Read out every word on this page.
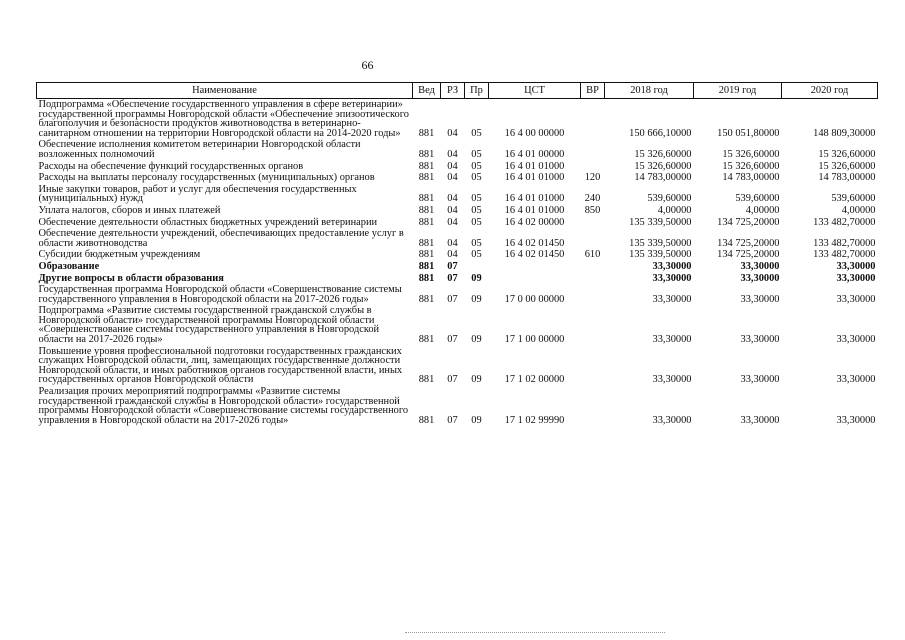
66
Наименование	Вед	РЗ	Пр	ЦСТ	ВР	2018 год	2019 год	2020 год
Подпрограмма «Обеспечение государственного управления в сфере ветеринарии» государственной программы Новгородской области «Обеспечение эпизоотического благополучия и безопасности продуктов животноводства в ветеринарно-санитарном отношении на территории Новгородской области на 2014-2020 годы»	881	04	05	16 4 00 00000		150 666,10000	150 051,80000	148 809,30000
Обеспечение исполнения комитетом ветеринарии Новгородской области возложенных полномочий	881	04	05	16 4 01 00000		15 326,60000	15 326,60000	15 326,60000
Расходы на обеспечение функций государственных органов	881	04	05	16 4 01 01000		15 326,60000	15 326,60000	15 326,60000
Расходы на выплаты персоналу государственных (муниципальных) органов	881	04	05	16 4 01 01000	120	14 783,00000	14 783,00000	14 783,00000
Иные закупки товаров, работ и услуг для обеспечения государственных (муниципальных) нужд	881	04	05	16 4 01 01000	240	539,60000	539,60000	539,60000
Уплата налогов, сборов и иных платежей	881	04	05	16 4 01 01000	850	4,00000	4,00000	4,00000
Обеспечение деятельности областных бюджетных учреждений ветеринарии	881	04	05	16 4 02 00000		135 339,50000	134 725,20000	133 482,70000
Обеспечение деятельности учреждений, обеспечивающих предоставление услуг в области животноводства	881	04	05	16 4 02 01450		135 339,50000	134 725,20000	133 482,70000
Субсидии бюджетным учреждениям	881	04	05	16 4 02 01450	610	135 339,50000	134 725,20000	133 482,70000
Образование	881	07				33,30000	33,30000	33,30000
Другие вопросы в области образования	881	07	09			33,30000	33,30000	33,30000
Государственная программа Новгородской области «Совершенствование системы государственного управления в Новгородской области на 2017-2026 годы»	881	07	09	17 0 00 00000		33,30000	33,30000	33,30000
Подпрограмма «Развитие системы государственной гражданской службы в Новгородской области» государственной программы Новгородской области «Совершенствование системы государственного управления в Новгородской области на 2017-2026 годы»	881	07	09	17 1 00 00000		33,30000	33,30000	33,30000
Повышение уровня профессиональной подготовки государственных гражданских служащих Новгородской области, лиц, замещающих государственные должности Новгородской области, и иных работников органов государственной власти, иных государственных органов Новгородской области	881	07	09	17 1 02 00000		33,30000	33,30000	33,30000
Реализация прочих мероприятий подпрограммы «Развитие системы государственной гражданской службы в Новгородской области» государственной программы Новгородской области «Совершенствование системы государственного управления в Новгородской области на 2017-2026 годы»	881	07	09	17 1 02 99990		33,30000	33,30000	33,30000
